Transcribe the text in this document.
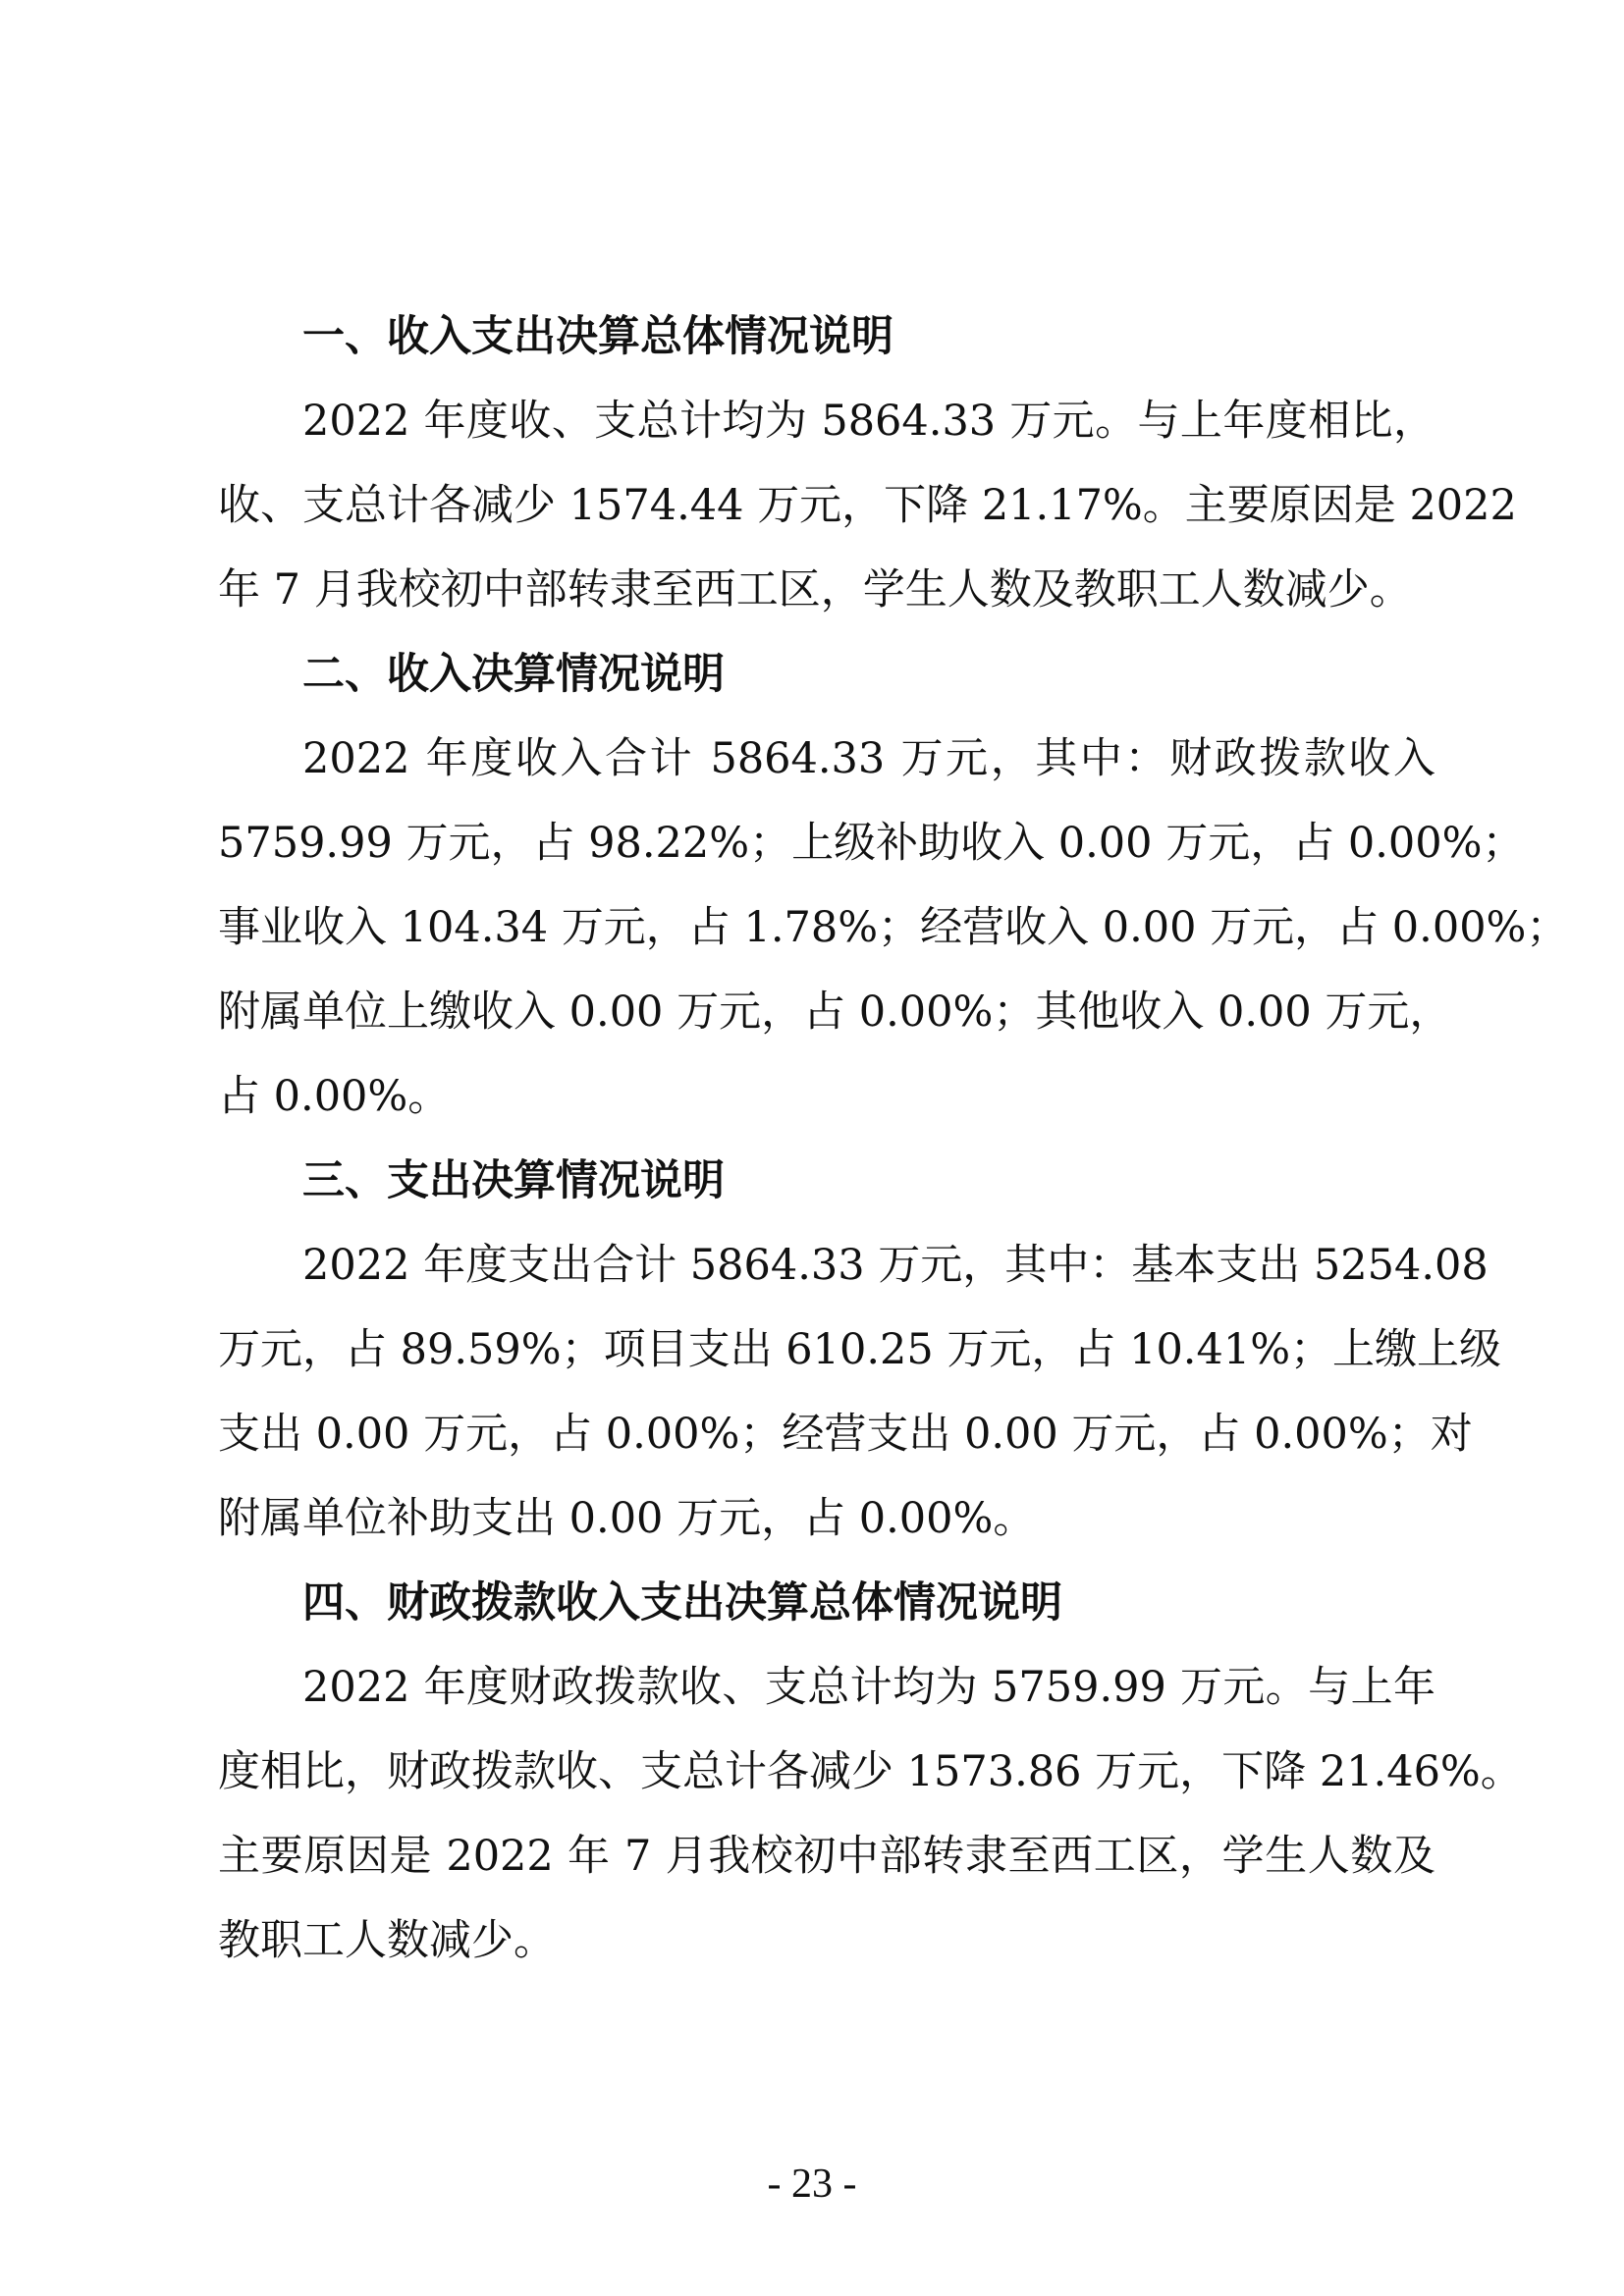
一、收入支出决算总体情况说明
2022 年度收、支总计均为 5864.33 万元。与上年度相比，
收、支总计各减少 1574.44 万元，下降 21.17%。主要原因是 2022
年 7 月我校初中部转隶至西工区，学生人数及教职工人数减少。
二、收入决算情况说明
2022 年度收入合计 5864.33 万元，其中：财政拨款收入
5759.99 万元，占 98.22%；上级补助收入 0.00 万元，占 0.00%；
事业收入 104.34 万元，占 1.78%；经营收入 0.00 万元，占 0.00%；
附属单位上缴收入 0.00 万元，占 0.00%；其他收入 0.00 万元，
占 0.00%。
三、支出决算情况说明
2022 年度支出合计 5864.33 万元，其中：基本支出 5254.08
万元，占 89.59%；项目支出 610.25 万元，占 10.41%；上缴上级
支出 0.00 万元，占 0.00%；经营支出 0.00 万元，占 0.00%；对
附属单位补助支出 0.00 万元，占 0.00%。
四、财政拨款收入支出决算总体情况说明
2022 年度财政拨款收、支总计均为 5759.99 万元。与上年
度相比，财政拨款收、支总计各减少 1573.86 万元，下降 21.46%。
主要原因是 2022 年 7 月我校初中部转隶至西工区，学生人数及
教职工人数减少。
- 23 -
